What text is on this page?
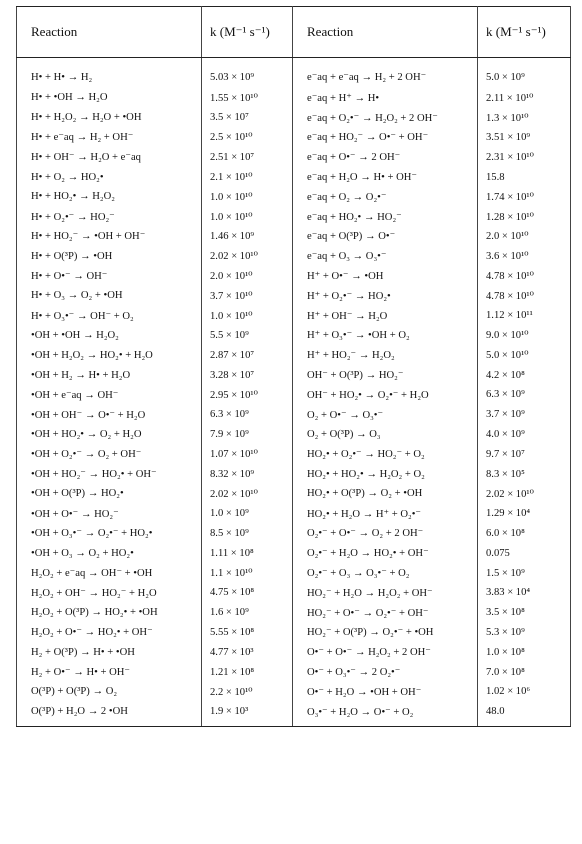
Reaction	k (M⁻¹ s⁻¹)	Reaction	k (M⁻¹ s⁻¹)
H• + H• → H₂	5.03 × 10⁹	e⁻aq + e⁻aq → H₂ + 2 OH⁻	5.0 × 10⁹
H• + •OH → H₂O	1.55 × 10¹⁰	e⁻aq + H⁺ → H•	2.11 × 10¹⁰
H• + H₂O₂ → H₂O + •OH	3.5 × 10⁷	e⁻aq + O₂•⁻ → H₂O₂ + 2 OH⁻	1.3 × 10¹⁰
H• + e⁻aq → H₂ + OH⁻	2.5 × 10¹⁰	e⁻aq + HO₂⁻ → O•⁻ + OH⁻	3.51 × 10⁹
H• + OH⁻ → H₂O + e⁻aq	2.51 × 10⁷	e⁻aq + O•⁻ → 2 OH⁻	2.31 × 10¹⁰
H• + O₂ → HO₂•	2.1 × 10¹⁰	e⁻aq + H₂O → H• + OH⁻	15.8
H• + HO₂• → H₂O₂	1.0 × 10¹⁰	e⁻aq + O₂ → O₂•⁻	1.74 × 10¹⁰
H• + O₂•⁻ → HO₂⁻	1.0 × 10¹⁰	e⁻aq + HO₂• → HO₂⁻	1.28 × 10¹⁰
H• + HO₂⁻ → •OH + OH⁻	1.46 × 10⁹	e⁻aq + O(³P) → O•⁻	2.0 × 10¹⁰
H• + O(³P) → •OH	2.02 × 10¹⁰	e⁻aq + O₃ → O₃•⁻	3.6 × 10¹⁰
H• + O•⁻ → OH⁻	2.0 × 10¹⁰	H⁺ + O•⁻ → •OH	4.78 × 10¹⁰
H• + O₃ → O₂ + •OH	3.7 × 10¹⁰	H⁺ + O₂•⁻ → HO₂•	4.78 × 10¹⁰
H• + O₃•⁻ → OH⁻ + O₂	1.0 × 10¹⁰	H⁺ + OH⁻ → H₂O	1.12 × 10¹¹
•OH + •OH → H₂O₂	5.5 × 10⁹	H⁺ + O₃•⁻ → •OH + O₂	9.0 × 10¹⁰
•OH + H₂O₂ → HO₂• + H₂O	2.87 × 10⁷	H⁺ + HO₂⁻ → H₂O₂	5.0 × 10¹⁰
•OH + H₂ → H• + H₂O	3.28 × 10⁷	OH⁻ + O(³P) → HO₂⁻	4.2 × 10⁸
•OH + e⁻aq → OH⁻	2.95 × 10¹⁰	OH⁻ + HO₂• → O₂•⁻ + H₂O	6.3 × 10⁹
•OH + OH⁻ → O•⁻ + H₂O	6.3 × 10⁹	O₂ + O•⁻ → O₃•⁻	3.7 × 10⁹
•OH + HO₂• → O₂ + H₂O	7.9 × 10⁹	O₂ + O(³P) → O₃	4.0 × 10⁹
•OH + O₂•⁻ → O₂ + OH⁻	1.07 × 10¹⁰	HO₂• + O₂•⁻ → HO₂⁻ + O₂	9.7 × 10⁷
•OH + HO₂⁻ → HO₂• + OH⁻	8.32 × 10⁹	HO₂• + HO₂• → H₂O₂ + O₂	8.3 × 10⁵
•OH + O(³P) → HO₂•	2.02 × 10¹⁰	HO₂• + O(³P) → O₂ + •OH	2.02 × 10¹⁰
•OH + O•⁻ → HO₂⁻	1.0 × 10⁹	HO₂• + H₂O → H⁺ + O₂•⁻	1.29 × 10⁴
•OH + O₃•⁻ → O₂•⁻ + HO₂•	8.5 × 10⁹	O₂•⁻ + O•⁻ → O₂ + 2 OH⁻	6.0 × 10⁸
•OH + O₃ → O₂ + HO₂•	1.11 × 10⁸	O₂•⁻ + H₂O → HO₂• + OH⁻	0.075
H₂O₂ + e⁻aq → OH⁻ + •OH	1.1 × 10¹⁰	O₂•⁻ + O₃ → O₃•⁻ + O₂	1.5 × 10⁹
H₂O₂ + OH⁻ → HO₂⁻ + H₂O	4.75 × 10⁸	HO₂⁻ + H₂O → H₂O₂ + OH⁻	3.83 × 10⁴
H₂O₂ + O(³P) → HO₂• + •OH	1.6 × 10⁹	HO₂⁻ + O•⁻ → O₂•⁻ + OH⁻	3.5 × 10⁸
H₂O₂ + O•⁻ → HO₂• + OH⁻	5.55 × 10⁸	HO₂⁻ + O(³P) → O₂•⁻ + •OH	5.3 × 10⁹
H₂ + O(³P) → H• + •OH	4.77 × 10³	O•⁻ + O•⁻ → H₂O₂ + 2 OH⁻	1.0 × 10⁸
H₂ + O•⁻ → H• + OH⁻	1.21 × 10⁸	O•⁻ + O₃•⁻ → 2 O₂•⁻	7.0 × 10⁸
O(³P) + O(³P) → O₂	2.2 × 10¹⁰	O•⁻ + H₂O → •OH + OH⁻	1.02 × 10⁶
O(³P) + H₂O → 2 •OH	1.9 × 10³	O₃•⁻ + H₂O → O•⁻ + O₂	48.0
